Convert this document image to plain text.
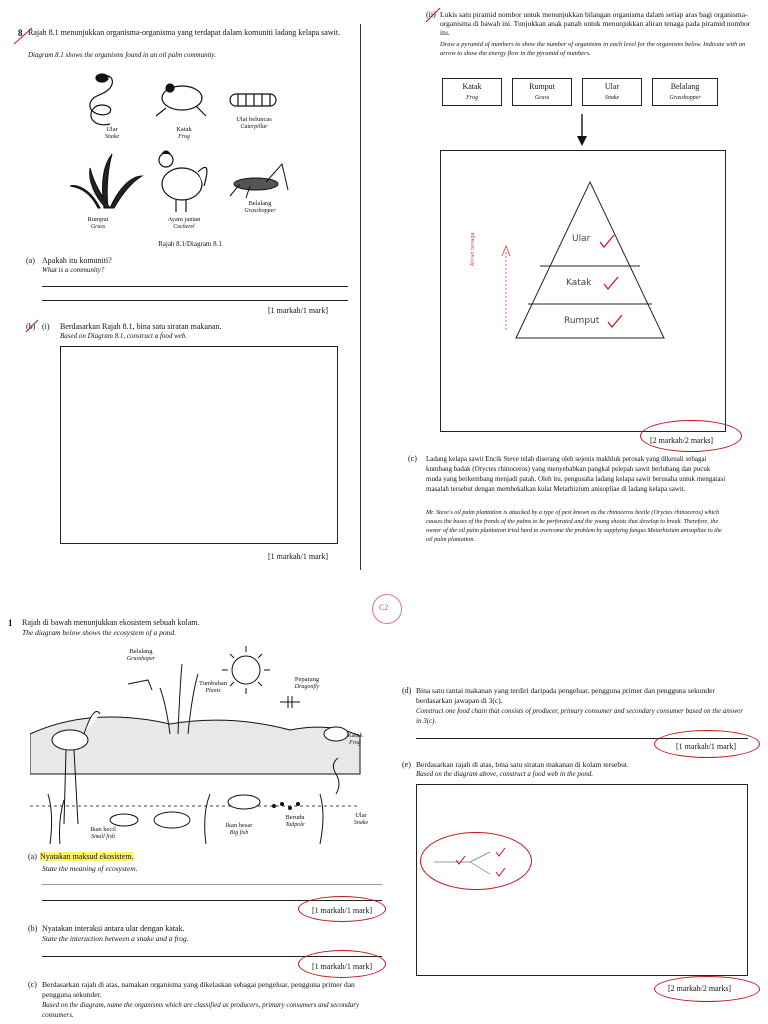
8 Rajah 8.1 menunjukkan organisma-organisma yang terdapat dalam komuniti ladang kelapa sawit.
Diagram 8.1 shows the organisms found in an oil palm community.
Ular
Snake
Katak
Frog
Ulat beluncas
Caterpillar
Rumput
Grass
Ayam jantan
Cockerel
Belalang
Grasshopper
Rajah 8.1/Diagram 8.1
(a) Apakah itu komuniti?
What is a community?
[1 markah/1 mark]
(b) (i) Berdasarkan Rajah 8.1, bina satu siratan makanan.
Based on Diagram 8.1, construct a food web.
[1 markah/1 mark]
(ii) Lukis satu piramid nombor untuk menunjukkan bilangan organisma dalam setiap aras bagi organisma-organisma di bawah ini. Tunjukkan anak panah untuk menunjukkan aliran tenaga pada piramid nombor itu.
Draw a pyramid of numbers to show the number of organisms in each level for the organisms below. Indicate with an arrow to show the energy flow in the pyramid of numbers.
Katak
Frog
Rumput
Grass
Ular
Snake
Belalang
Grasshopper
Ular
Katak
Rumput
Aliran tenaga
[2 markah/2 marks]
(c) Ladang kelapa sawit Encik Steve telah diserang oleh sejenis makhluk perosak yang dikenali sebagai kumbang badak (Oryctes rhinoceros) yang menyebabkan pangkal pelepah sawit berlubang dan pucuk muda yang berkembang menjadi patah. Oleh itu, pengusaha ladang kelapa sawit berusaha untuk mengatasi masalah tersebut dengan membekalkan kulat Metarhizium anisopliae di ladang kelapa sawit.
Mr. Steve's oil palm plantation is attacked by a type of pest known as the rhinoceros beetle (Oryctes rhinoceros) which causes the bases of the fronds of the palms to be perforated and the young shoots that develop to break. Therefore, the owner of the oil palm plantation tried hard to overcome the problem by supplying fungus Metarhizium anisopliae to the oil palm plantation.
C2
1 Rajah di bawah menunjukkan ekosistem sebuah kolam.
The diagram below shows the ecosystem of a pond.
Belalang
Grasshoper
Tumbuhan
Plants
Pepatung
Dragonfly
Katak
Frog
Ikan kecil
Small fish
Ikan besar
Big fish
Berudu
Tadpole
Ular
Snake
(a) Nyatakan maksud ekosistem.
State the meaning of ecosystem.
[1 markah/1 mark]
(b) Nyatakan interaksi antara ular dengan katak.
State the interaction between a snake and a frog.
[1 markah/1 mark]
(c) Berdasarkan rajah di atas, namakan organisma yang dikelaskan sebagai pengeluar, pengguna primer dan pengguna sekunder.
Based on the diagram, name the organisms which are classified as producers, primary consumers and secondary consumers.
(d) Bina satu rantai makanan yang terdiri daripada pengeluar, pengguna primer dan pengguna sekunder berdasarkan jawapan di 3(c).
Construct one food chain that consists of producer, primary consumer and secondary consumer based on the answer in 3(c).
[1 markah/1 mark]
(e) Berdasarkan rajah di atas, bina satu siratan makanan di kolam tersebut.
Based on the diagram above, construct a food web in the pond.
[2 markah/2 marks]
